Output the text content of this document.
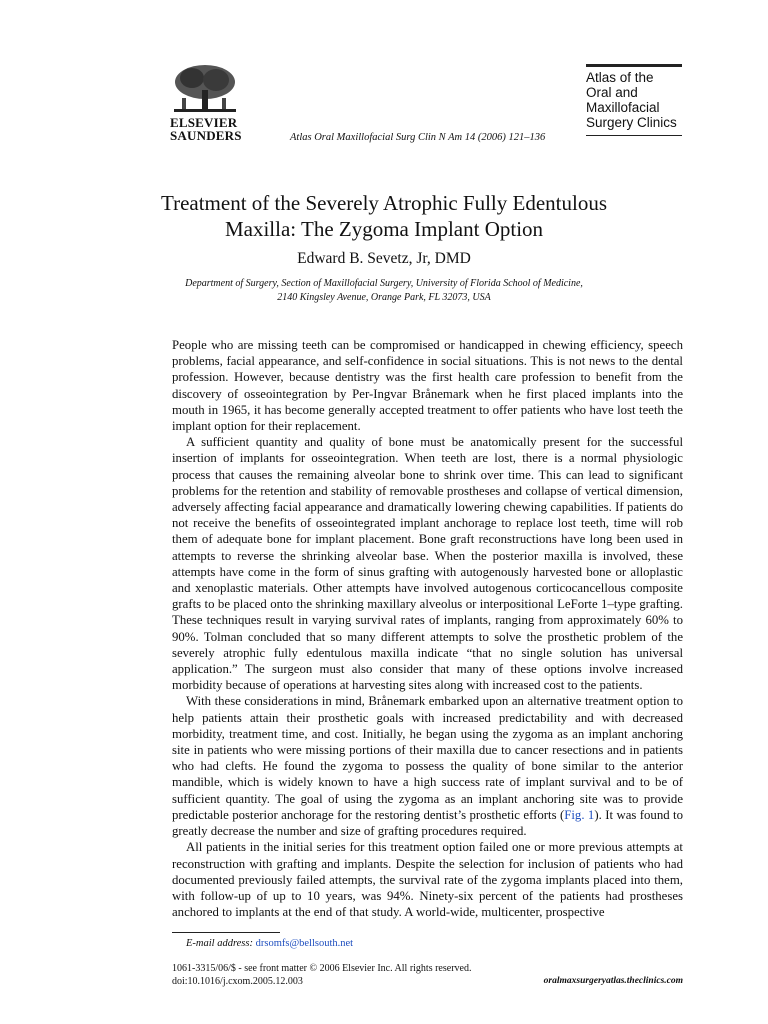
ELSEVIER
SAUNDERS	Atlas Oral Maxillofacial Surg Clin N Am 14 (2006) 121–136
Atlas of the
Oral and
Maxillofacial
Surgery Clinics
Treatment of the Severely Atrophic Fully Edentulous Maxilla: The Zygoma Implant Option
Edward B. Sevetz, Jr, DMD
Department of Surgery, Section of Maxillofacial Surgery, University of Florida School of Medicine,
2140 Kingsley Avenue, Orange Park, FL 32073, USA

People who are missing teeth can be compromised or handicapped in chewing efficiency, speech problems, facial appearance, and self-confidence in social situations. This is not news to the dental profession. However, because dentistry was the first health care profession to benefit from the discovery of osseointegration by Per-Ingvar Brånemark when he first placed implants into the mouth in 1965, it has become generally accepted treatment to offer patients who have lost teeth the implant option for their replacement.

A sufficient quantity and quality of bone must be anatomically present for the successful insertion of implants for osseointegration. When teeth are lost, there is a normal physiologic process that causes the remaining alveolar bone to shrink over time. This can lead to significant problems for the retention and stability of removable prostheses and collapse of vertical dimension, adversely affecting facial appearance and dramatically lowering chewing capabilities. If patients do not receive the benefits of osseointegrated implant anchorage to replace lost teeth, time will rob them of adequate bone for implant placement. Bone graft reconstructions have long been used in attempts to reverse the shrinking alveolar base. When the posterior maxilla is involved, these attempts have come in the form of sinus grafting with autogenously harvested bone or alloplastic and xenoplastic materials. Other attempts have involved autogenous corticocancellous composite grafts to be placed onto the shrinking maxillary alveolus or interpositional LeForte 1–type grafting. These techniques result in varying survival rates of implants, ranging from approximately 60% to 90%. Tolman concluded that so many different attempts to solve the prosthetic problem of the severely atrophic fully edentulous maxilla indicate “that no single solution has universal application.” The surgeon must also consider that many of these options involve increased morbidity because of operations at harvesting sites along with increased cost to the patients.

With these considerations in mind, Brånemark embarked upon an alternative treatment option to help patients attain their prosthetic goals with increased predictability and with decreased morbidity, treatment time, and cost. Initially, he began using the zygoma as an implant anchoring site in patients who were missing portions of their maxilla due to cancer resections and in patients who had clefts. He found the zygoma to possess the quality of bone similar to the anterior mandible, which is widely known to have a high success rate of implant survival and to be of sufficient quantity. The goal of using the zygoma as an implant anchoring site was to provide predictable posterior anchorage for the restoring dentist’s prosthetic efforts (Fig. 1). It was found to greatly decrease the number and size of grafting procedures required.

All patients in the initial series for this treatment option failed one or more previous attempts at reconstruction with grafting and implants. Despite the selection for inclusion of patients who had documented previously failed attempts, the survival rate of the zygoma implants placed into them, with follow-up of up to 10 years, was 94%. Ninety-six percent of the patients had prostheses anchored to implants at the end of that study. A world-wide, multicenter, prospective

E-mail address: drsomfs@bellsouth.net
1061-3315/06/$ - see front matter © 2006 Elsevier Inc. All rights reserved.
doi:10.1016/j.cxom.2005.12.003	oralmaxsurgeryatlas.theclinics.com
